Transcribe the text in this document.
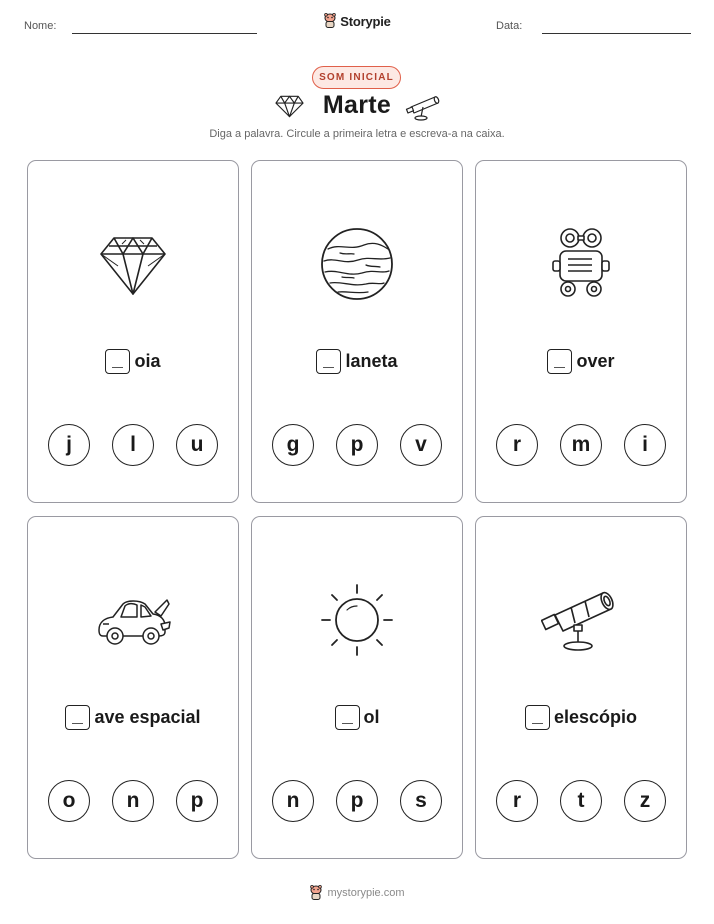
Nome:	Storypie	Data:
SOM INICIAL
Marte
Diga a palavra. Circule a primeira letra e escreva-a na caixa.
oia
j	l	u
laneta
g	p	v
over
r	m	i
ave espacial
o	n	p
ol
n	p	s
elescópio
r	t	z
mystorypie.com
